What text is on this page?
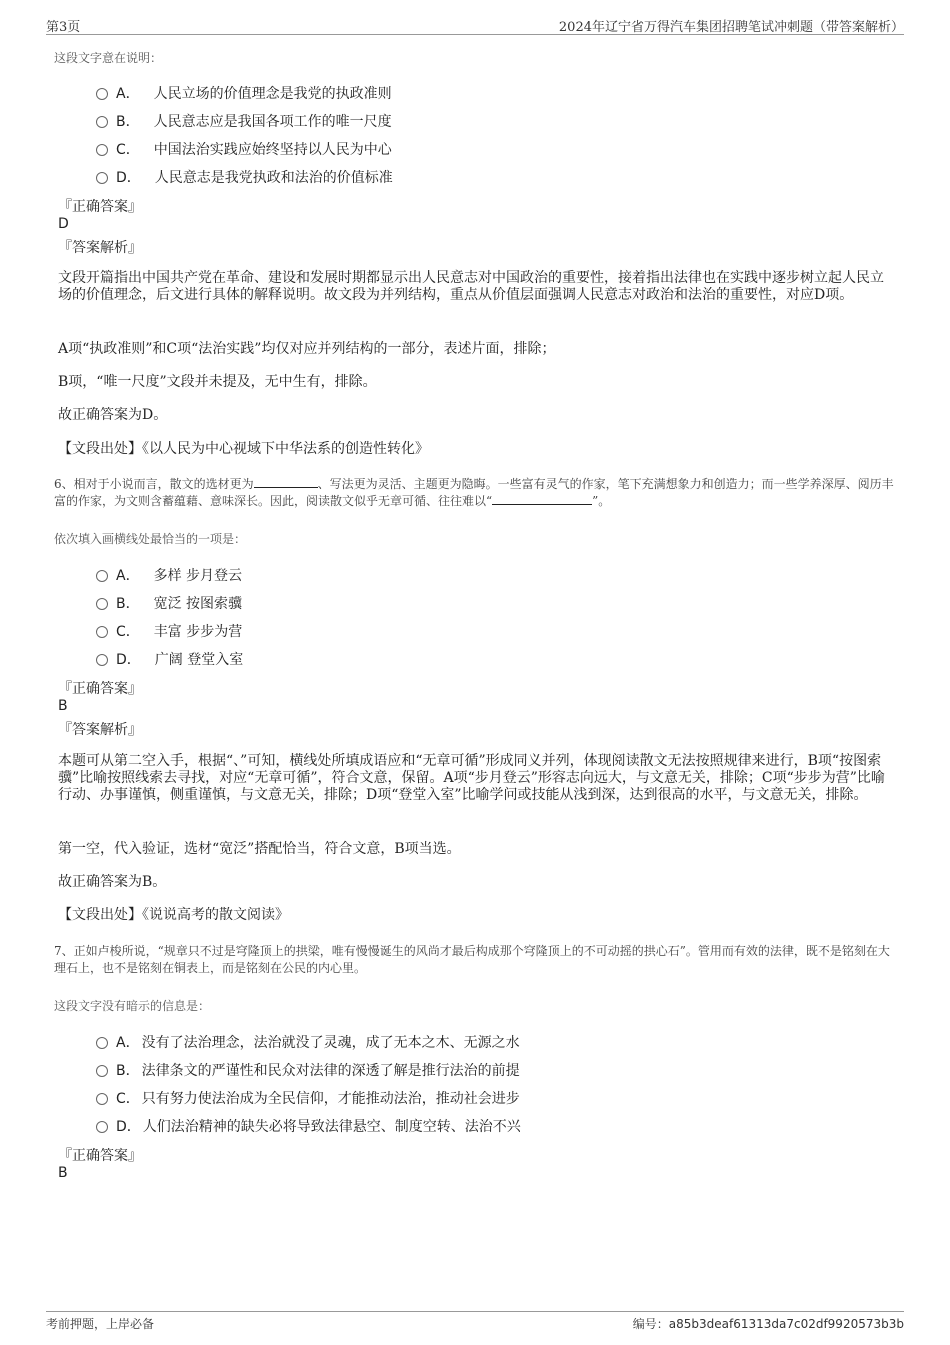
第3页	2024年辽宁省万得汽车集团招聘笔试冲刺题（带答案解析）
这段文字意在说明：
A． 人民立场的价值理念是我党的执政准则
B． 人民意志应是我国各项工作的唯一尺度
C． 中国法治实践应始终坚持以人民为中心
D． 人民意志是我党执政和法治的价值标准
『正确答案』
D
『答案解析』
文段开篇指出中国共产党在革命、建设和发展时期都显示出人民意志对中国政治的重要性，接着指出法律也在实践中逐步树立起人民立场的价值理念，后文进行具体的解释说明。故文段为并列结构，重点从价值层面强调人民意志对政治和法治的重要性，对应D项。
A项“执政准则”和C项“法治实践”均仅对应并列结构的一部分，表述片面，排除；
B项，“唯一尺度”文段并未提及，无中生有，排除。
故正确答案为D。
【文段出处】《以人民为中心视域下中华法系的创造性转化》
6、相对于小说而言，散文的选材更为	、写法更为灵活、主题更为隐晦。一些富有灵气的作家，笔下充满想象力和创造力；而一些学养深厚、阅历丰富的作家，为文则含蓄蕴藉、意味深长。因此，阅读散文似乎无章可循、往往难以“	”。
依次填入画横线处最恰当的一项是：
A． 多样 步月登云
B． 宽泛 按图索骥
C． 丰富 步步为营
D． 广阔 登堂入室
『正确答案』
B
『答案解析』
本题可从第二空入手，根据“、”可知，横线处所填成语应和“无章可循”形成同义并列，体现阅读散文无法按照规律来进行，B项“按图索骥”比喻按照线索去寻找，对应“无章可循”，符合文意，保留。A项“步月登云”形容志向远大，与文意无关，排除；C项“步步为营”比喻行动、办事谨慎，侧重谨慎，与文意无关，排除；D项“登堂入室”比喻学问或技能从浅到深，达到很高的水平，与文意无关，排除。
第一空，代入验证，选材“宽泛”搭配恰当，符合文意，B项当选。
故正确答案为B。
【文段出处】《说说高考的散文阅读》
7、正如卢梭所说，“规章只不过是穹隆顶上的拱梁，唯有慢慢诞生的风尚才最后构成那个穹隆顶上的不可动摇的拱心石”。管用而有效的法律，既不是铭刻在大理石上，也不是铭刻在铜表上，而是铭刻在公民的内心里。
这段文字没有暗示的信息是：
A． 没有了法治理念，法治就没了灵魂，成了无本之木、无源之水
B． 法律条文的严谨性和民众对法律的深透了解是推行法治的前提
C． 只有努力使法治成为全民信仰，才能推动法治，推动社会进步
D． 人们法治精神的缺失必将导致法律悬空、制度空转、法治不兴
『正确答案』
B
考前押题，上岸必备	编号：a85b3deaf61313da7c02df9920573b3b
